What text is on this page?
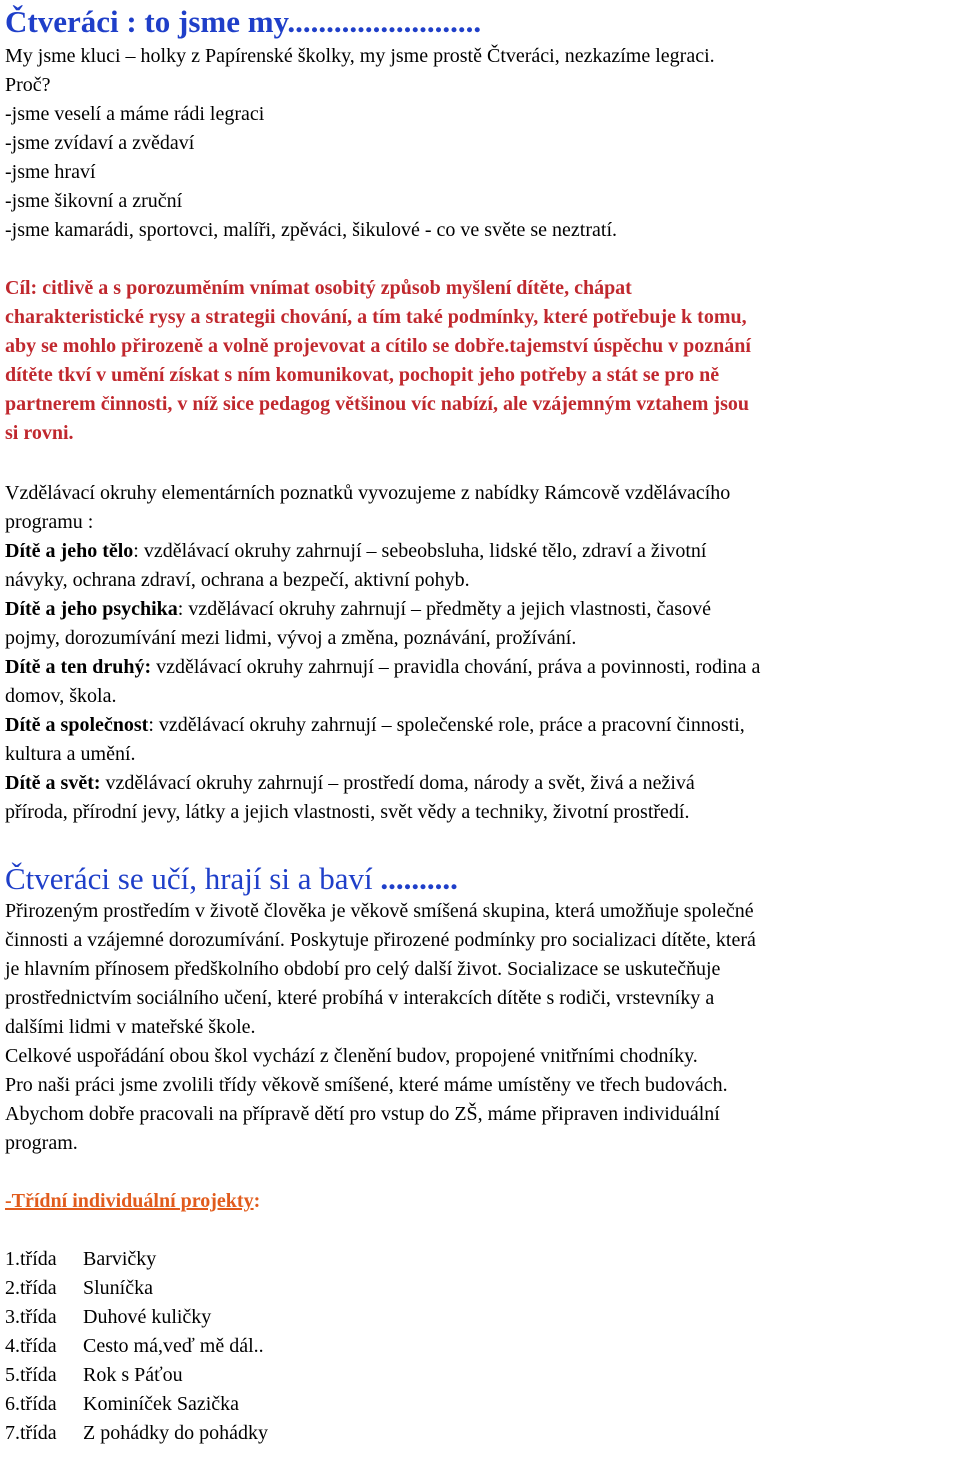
Čtveráci : to jsme my.........................

My jsme kluci – holky z Papírenské školky, my jsme prostě Čtveráci, nezkazíme legraci.

Proč?

-jsme veselí a máme rádi legraci

-jsme zvídaví a zvědaví

-jsme hraví

-jsme šikovní a zruční

-jsme kamarádi, sportovci, malíři, zpěváci, šikulové - co ve světe se neztratí.

Cíl: citlivě a s porozuměním vnímat osobitý způsob myšlení dítěte, chápat

charakteristické rysy a strategii chování, a tím také podmínky, které potřebuje k tomu,

aby se mohlo přirozeně a volně projevovat a cítilo se dobře.tajemství úspěchu v poznání

dítěte tkví v umění získat s ním komunikovat, pochopit jeho potřeby a stát se pro ně

partnerem činnosti, v níž sice pedagog většinou víc nabízí, ale vzájemným vztahem jsou

si rovni.

Vzdělávací okruhy elementárních poznatků vyvozujeme z nabídky Rámcově vzdělávacího

programu :

Dítě a jeho tělo: vzdělávací okruhy zahrnují – sebeobsluha, lidské tělo, zdraví a životní

návyky, ochrana zdraví, ochrana a bezpečí, aktivní pohyb.

Dítě a jeho psychika: vzdělávací okruhy zahrnují – předměty a jejich vlastnosti, časové

pojmy, dorozumívání mezi lidmi, vývoj a změna, poznávání, prožívání.

Dítě a ten druhý: vzdělávací okruhy zahrnují – pravidla chování, práva a povinnosti, rodina a

domov, škola.

Dítě a společnost: vzdělávací okruhy zahrnují – společenské role, práce a pracovní činnosti,

kultura a umění.

Dítě a svět: vzdělávací okruhy zahrnují – prostředí doma, národy a svět, živá a neživá

příroda, přírodní jevy, látky a jejich vlastnosti, svět vědy a techniky, životní prostředí.

Čtveráci se učí, hrají si a baví ..........

Přirozeným prostředím v životě člověka je věkově smíšená skupina, která umožňuje společné

činnosti a vzájemné dorozumívání. Poskytuje přirozené podmínky pro socializaci dítěte, která

je hlavním přínosem předškolního období pro celý další život. Socializace se uskutečňuje

prostřednictvím sociálního učení, které probíhá v interakcích dítěte s rodiči, vrstevníky a

dalšími lidmi v mateřské škole.

Celkové uspořádání obou škol vychází z členění budov, propojené vnitřními chodníky.

Pro naši práci jsme zvolili třídy věkově smíšené, které máme umístěny ve třech budovách.

Abychom dobře pracovali na přípravě dětí pro vstup do ZŠ, máme připraven individuální

program.

-Třídní individuální projekty:

1.třída Barvičky

2.třída Sluníčka

3.třída Duhové kuličky

4.třída Cesto má,veď mě dál..

5.třída Rok s Páťou

6.třída Kominíček Sazička

7.třída Z pohádky do pohádky
